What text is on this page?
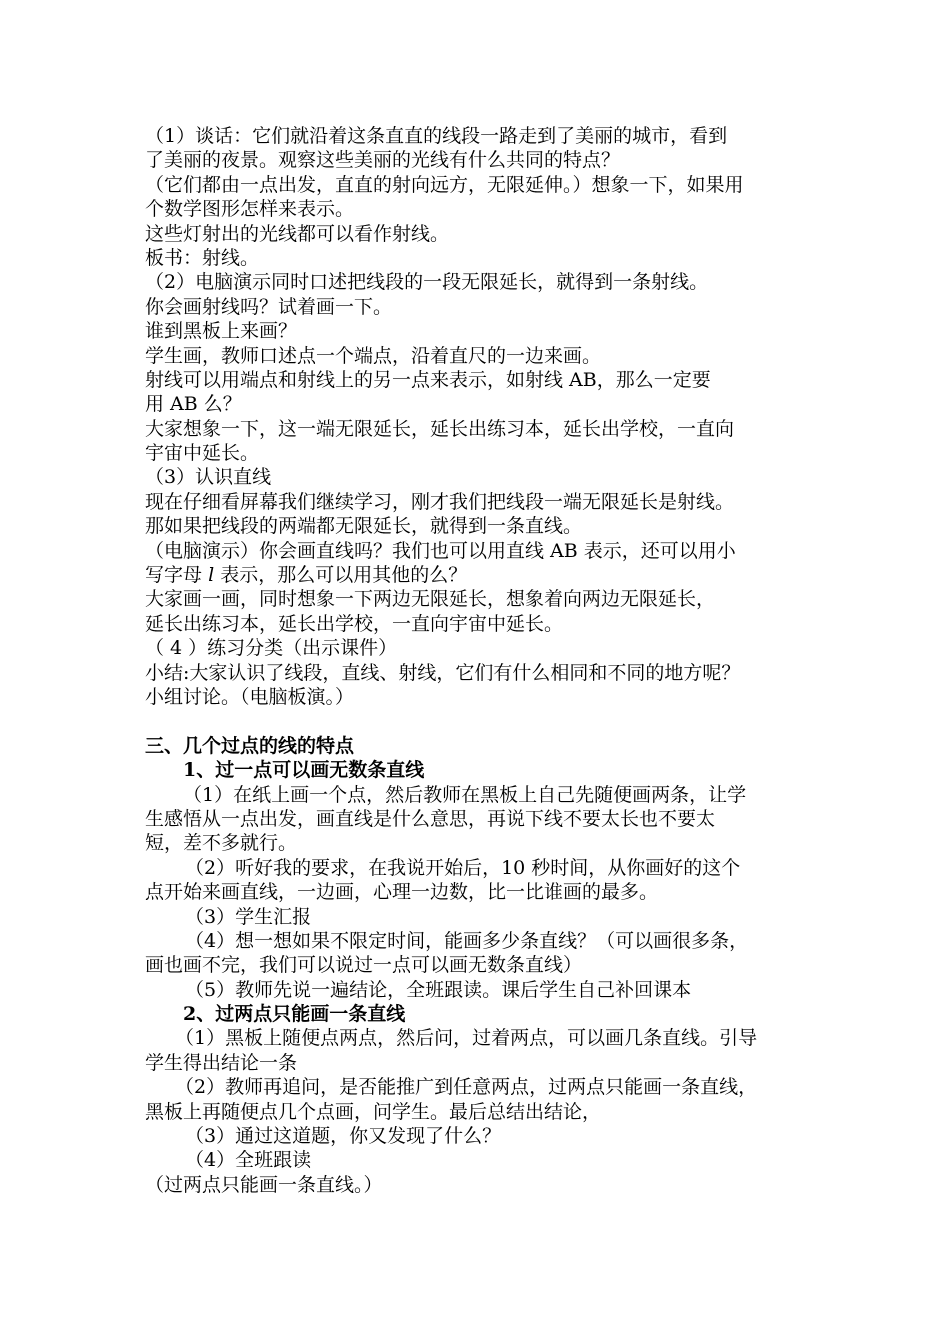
（1）谈话：它们就沿着这条直直的线段一路走到了美丽的城市，看到
了美丽的夜景。观察这些美丽的光线有什么共同的特点？
（它们都由一点出发，直直的射向远方，无限延伸。）想象一下，如果用
个数学图形怎样来表示。
这些灯射出的光线都可以看作射线。
板书：射线。
（2）电脑演示同时口述把线段的一段无限延长，就得到一条射线。
你会画射线吗？试着画一下。
谁到黑板上来画？
学生画，教师口述点一个端点，沿着直尺的一边来画。
射线可以用端点和射线上的另一点来表示，如射线 AB，那么一定要
用 AB 么？
大家想象一下，这一端无限延长，延长出练习本，延长出学校，一直向
宇宙中延长。
（3）认识直线
现在仔细看屏幕我们继续学习，刚才我们把线段一端无限延长是射线。
那如果把线段的两端都无限延长，就得到一条直线。
（电脑演示）你会画直线吗？我们也可以用直线 AB 表示，还可以用小
写字母 l 表示，那么可以用其他的么？
大家画一画，同时想象一下两边无限延长，想象着向两边无限延长，
延长出练习本，延长出学校，一直向宇宙中延长。
（ 4 ）练习分类（出示课件）
小结:大家认识了线段，直线、射线，它们有什么相同和不同的地方呢？
小组讨论。（电脑板演。）
三、几个过点的线的特点
1、过一点可以画无数条直线
（1）在纸上画一个点，然后教师在黑板上自己先随便画两条，让学
生感悟从一点出发，画直线是什么意思，再说下线不要太长也不要太
短，差不多就行。
（2）听好我的要求，在我说开始后，10 秒时间，从你画好的这个
点开始来画直线，一边画，心理一边数，比一比谁画的最多。
（3）学生汇报
（4）想一想如果不限定时间，能画多少条直线？（可以画很多条，
画也画不完，我们可以说过一点可以画无数条直线）
（5）教师先说一遍结论，全班跟读。课后学生自己补回课本
2、过两点只能画一条直线
（1）黑板上随便点两点，然后问，过着两点，可以画几条直线。引导
学生得出结论一条
（2）教师再追问，是否能推广到任意两点，过两点只能画一条直线，
黑板上再随便点几个点画，问学生。最后总结出结论，
（3）通过这道题，你又发现了什么？
（4）全班跟读
（过两点只能画一条直线。）
